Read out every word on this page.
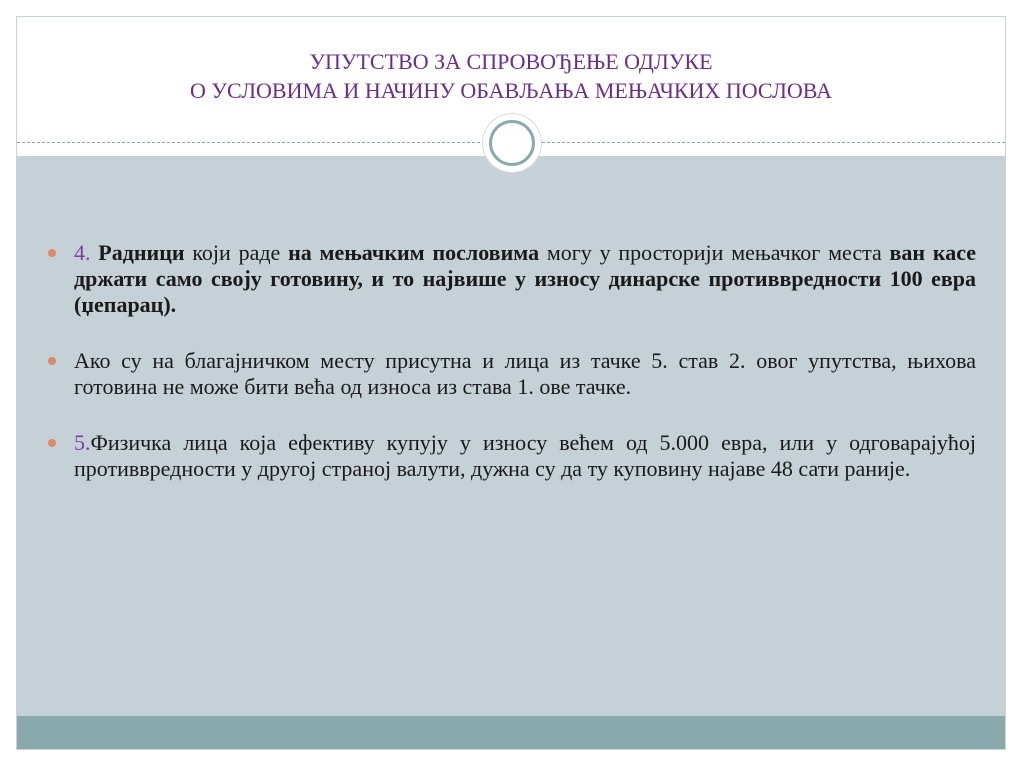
УПУТСТВО ЗА СПРОВОЂЕЊЕ ОДЛУКЕ
О УСЛОВИМА И НАЧИНУ ОБАВЉАЊА МЕЊАЧКИХ ПОСЛОВА
4. Радници који раде на мењачким пословима могу у просторији мењачког места ван касе држати само своју готовину, и то највише у износу динарске противвредности 100 евра (џепарац).
Ако су на благајничком месту присутна и лица из тачке 5. став 2. овог упутства, њихова готовина не може бити већа од износа из става 1. ове тачке.
5.Физичка лица која ефективу купују у износу већем од 5.000 евра, или у одговарајућој противвредности у другој страној валути, дужна су да ту куповину најаве 48 сати раније.
